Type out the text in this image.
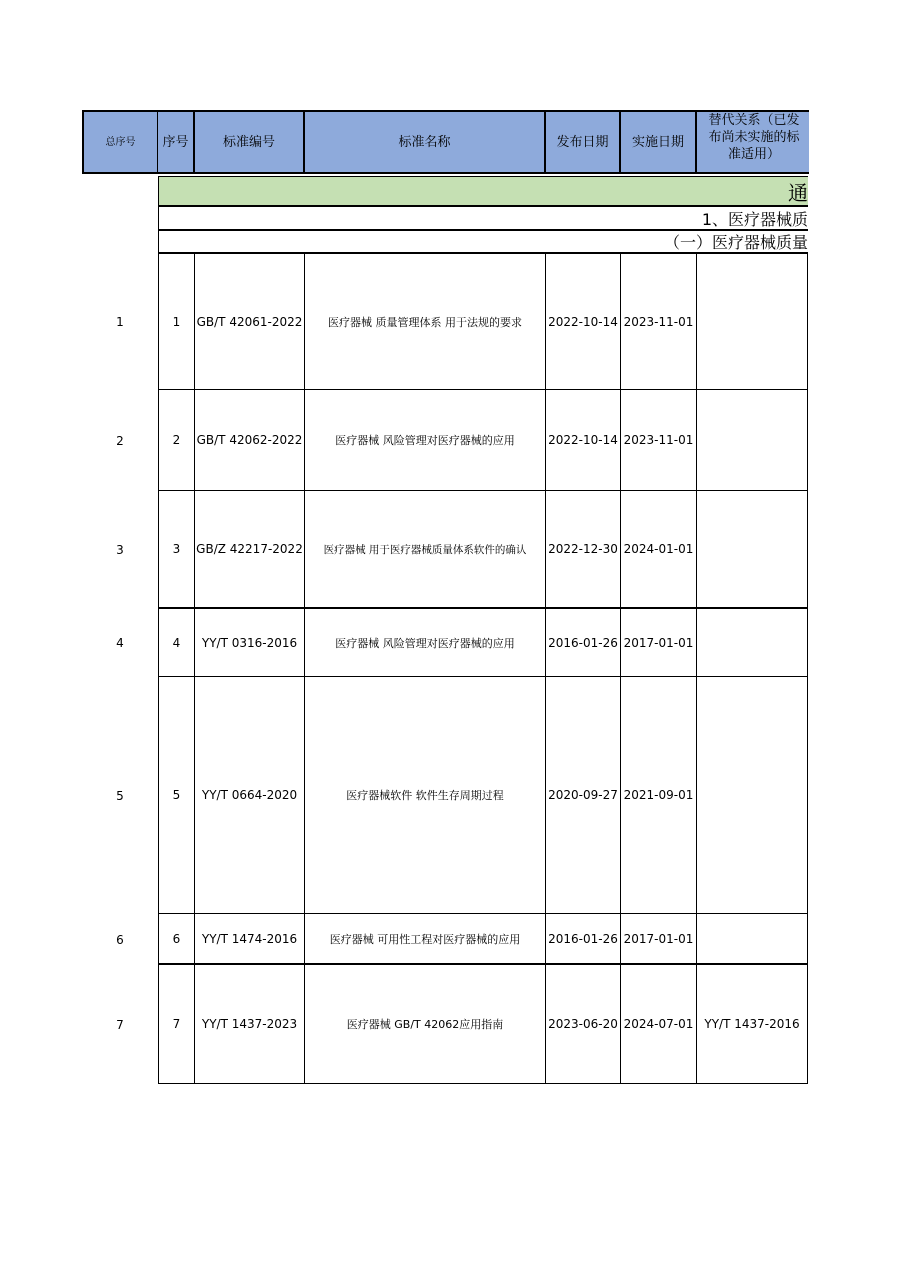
总序号	序号	标准编号	标准名称	发布日期	实施日期
替代关系（已发
布尚未实施的标
准适用）
通
1、医疗器械质
（一）医疗器械质量
1	1	GB/T 42061-2022	医疗器械 质量管理体系 用于法规的要求	2022-10-14 2023-11-01
2	2	GB/T 42062-2022	医疗器械 风险管理对医疗器械的应用	2022-10-14 2023-11-01
3	3	GB/Z 42217-2022	医疗器械 用于医疗器械质量体系软件的确认	2022-12-30 2024-01-01
4	4	YY/T 0316-2016	医疗器械 风险管理对医疗器械的应用	2016-01-26 2017-01-01
5	5	YY/T 0664-2020	医疗器械软件 软件生存周期过程	2020-09-27 2021-09-01
6	6	YY/T 1474-2016	医疗器械 可用性工程对医疗器械的应用	2016-01-26 2017-01-01
7	7	YY/T 1437-2023	医疗器械 GB/T 42062应用指南	2023-06-20 2024-07-01 YY/T 1437-2016
